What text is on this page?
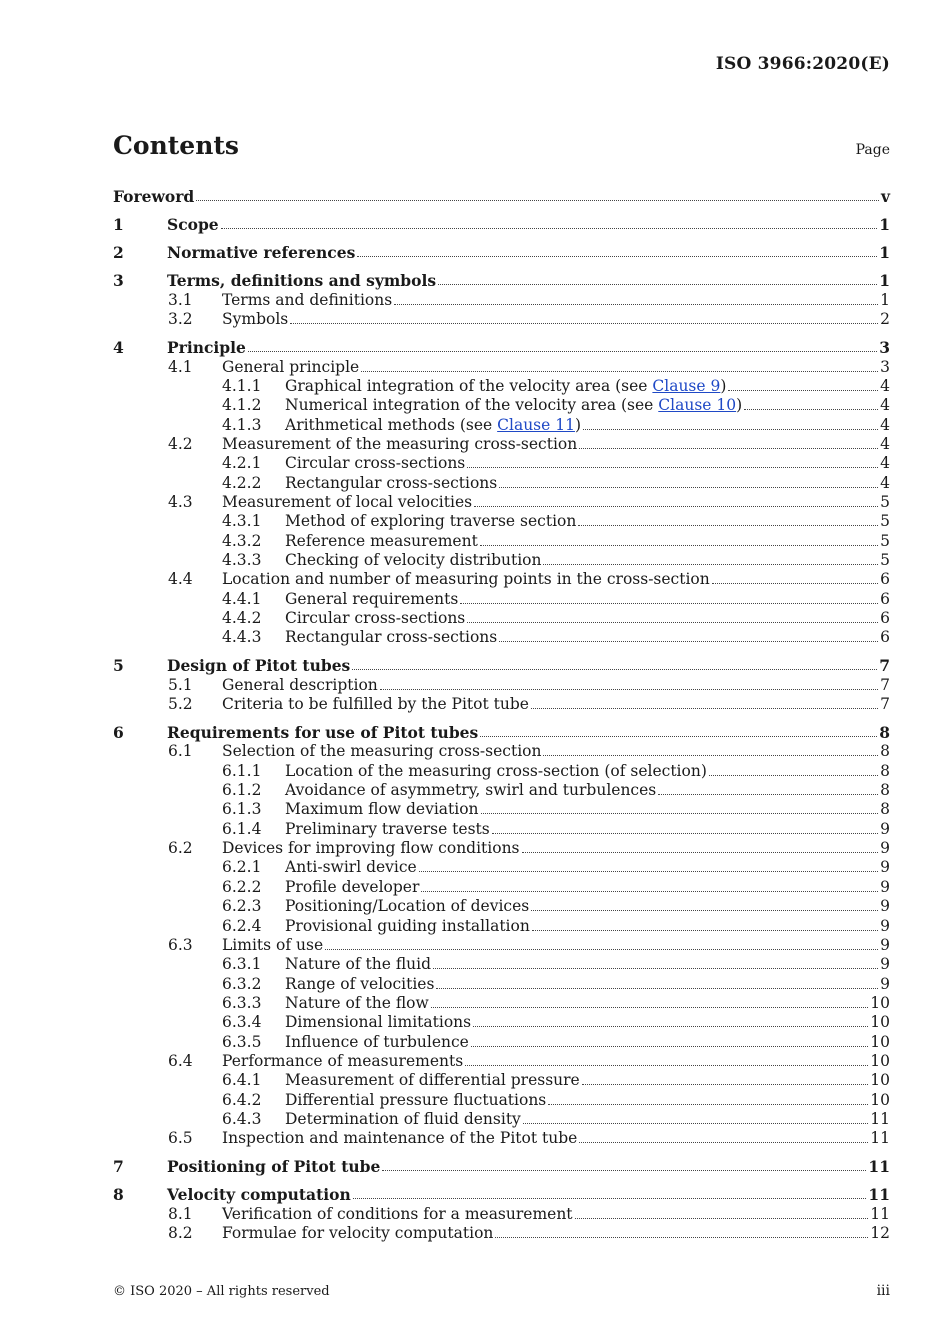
ISO 3966:2020(E)
Contents	Page
Foreword	v
1	Scope	1
2	Normative references	1
3	Terms, definitions and symbols	1
3.1 Terms and definitions	1
3.2 Symbols	2
4	Principle	3
4.1 General principle	3
4.1.1 Graphical integration of the velocity area (see Clause 9)	4
4.1.2 Numerical integration of the velocity area (see Clause 10)	4
4.1.3 Arithmetical methods (see Clause 11)	4
4.2 Measurement of the measuring cross-section	4
4.2.1 Circular cross-sections	4
4.2.2 Rectangular cross-sections	4
4.3 Measurement of local velocities	5
4.3.1 Method of exploring traverse section	5
4.3.2 Reference measurement	5
4.3.3 Checking of velocity distribution	5
4.4 Location and number of measuring points in the cross-section	6
4.4.1 General requirements	6
4.4.2 Circular cross-sections	6
4.4.3 Rectangular cross-sections	6
5	Design of Pitot tubes	7
5.1 General description	7
5.2 Criteria to be fulfilled by the Pitot tube	7
6	Requirements for use of Pitot tubes	8
6.1 Selection of the measuring cross-section	8
6.1.1 Location of the measuring cross-section (of selection)	8
6.1.2 Avoidance of asymmetry, swirl and turbulences	8
6.1.3 Maximum flow deviation	8
6.1.4 Preliminary traverse tests	9
6.2 Devices for improving flow conditions	9
6.2.1 Anti-swirl device	9
6.2.2 Profile developer	9
6.2.3 Positioning/Location of devices	9
6.2.4 Provisional guiding installation	9
6.3 Limits of use	9
6.3.1 Nature of the fluid	9
6.3.2 Range of velocities	9
6.3.3 Nature of the flow	10
6.3.4 Dimensional limitations	10
6.3.5 Influence of turbulence	10
6.4 Performance of measurements	10
6.4.1 Measurement of differential pressure	10
6.4.2 Differential pressure fluctuations	10
6.4.3 Determination of fluid density	11
6.5 Inspection and maintenance of the Pitot tube	11
7	Positioning of Pitot tube	11
8	Velocity computation	11
8.1 Verification of conditions for a measurement	11
8.2 Formulae for velocity computation	12
© ISO 2020 – All rights reserved	iii
